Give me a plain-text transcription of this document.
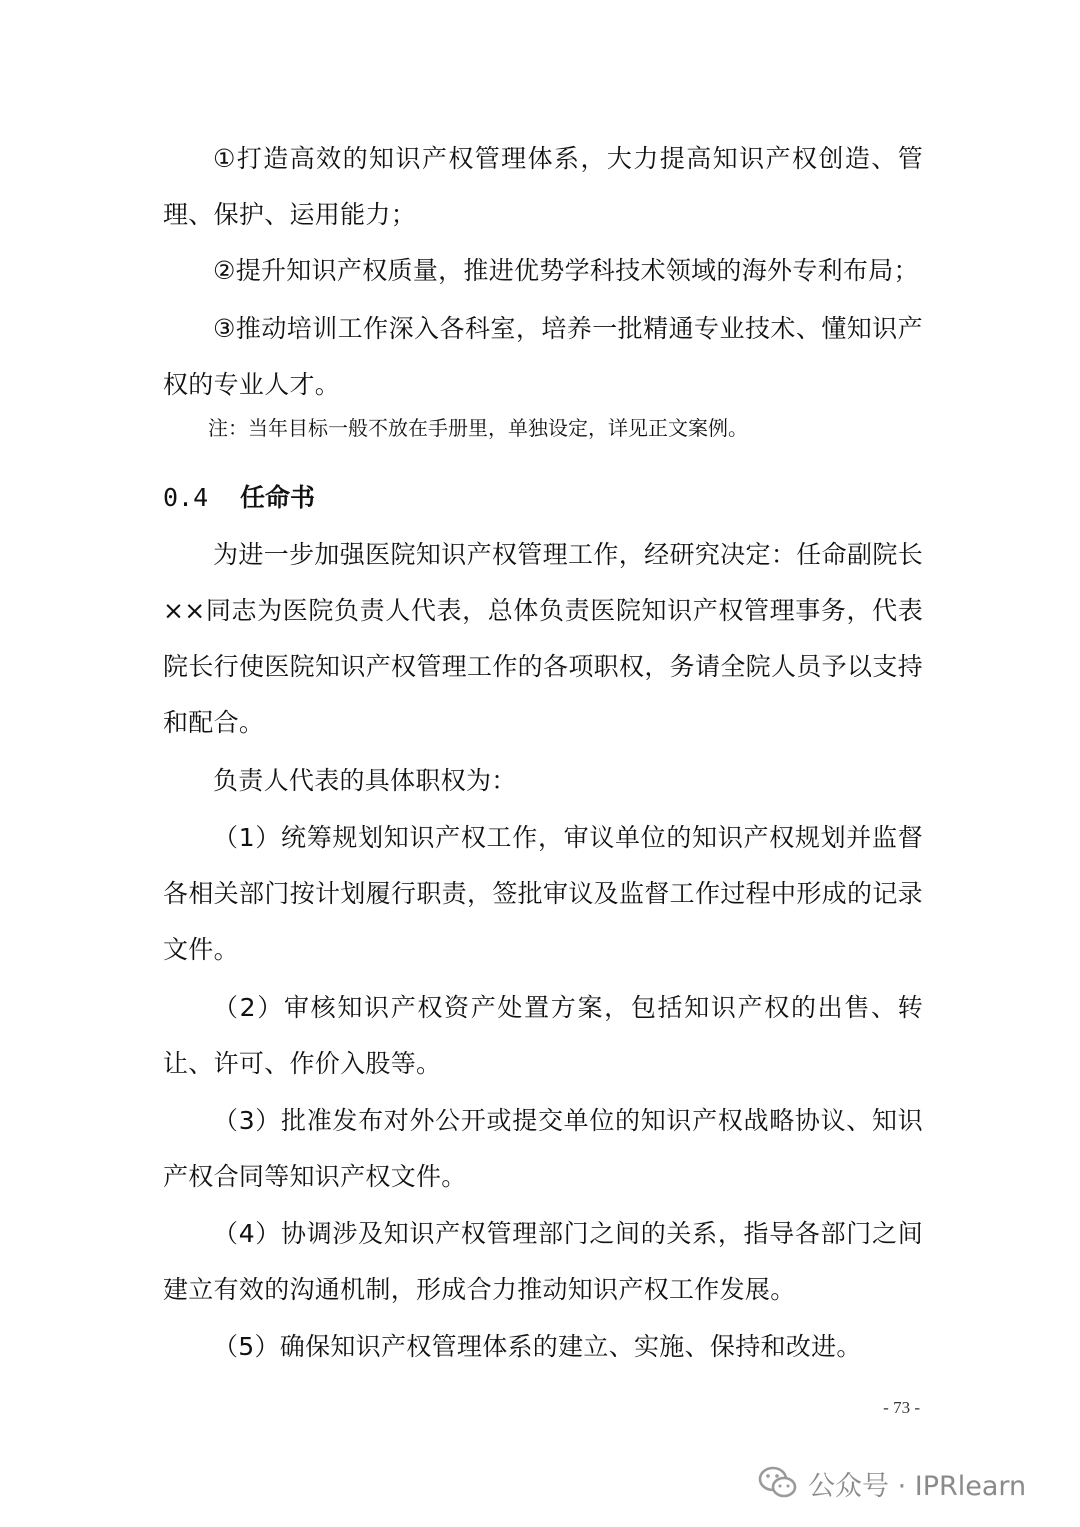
①打造高效的知识产权管理体系，大力提高知识产权创造、管理、保护、运用能力；

②提升知识产权质量，推进优势学科技术领域的海外专利布局；

③推动培训工作深入各科室，培养一批精通专业技术、懂知识产权的专业人才。

注：当年目标一般不放在手册里，单独设定，详见正文案例。

0.4 任命书

为进一步加强医院知识产权管理工作，经研究决定：任命副院长××同志为医院负责人代表，总体负责医院知识产权管理事务，代表院长行使医院知识产权管理工作的各项职权，务请全院人员予以支持和配合。

负责人代表的具体职权为：

（1）统筹规划知识产权工作，审议单位的知识产权规划并监督各相关部门按计划履行职责，签批审议及监督工作过程中形成的记录文件。

（2）审核知识产权资产处置方案，包括知识产权的出售、转让、许可、作价入股等。

（3）批准发布对外公开或提交单位的知识产权战略协议、知识产权合同等知识产权文件。

（4）协调涉及知识产权管理部门之间的关系，指导各部门之间建立有效的沟通机制，形成合力推动知识产权工作发展。

（5）确保知识产权管理体系的建立、实施、保持和改进。

- 73 -
公众号 · IPRlearn
